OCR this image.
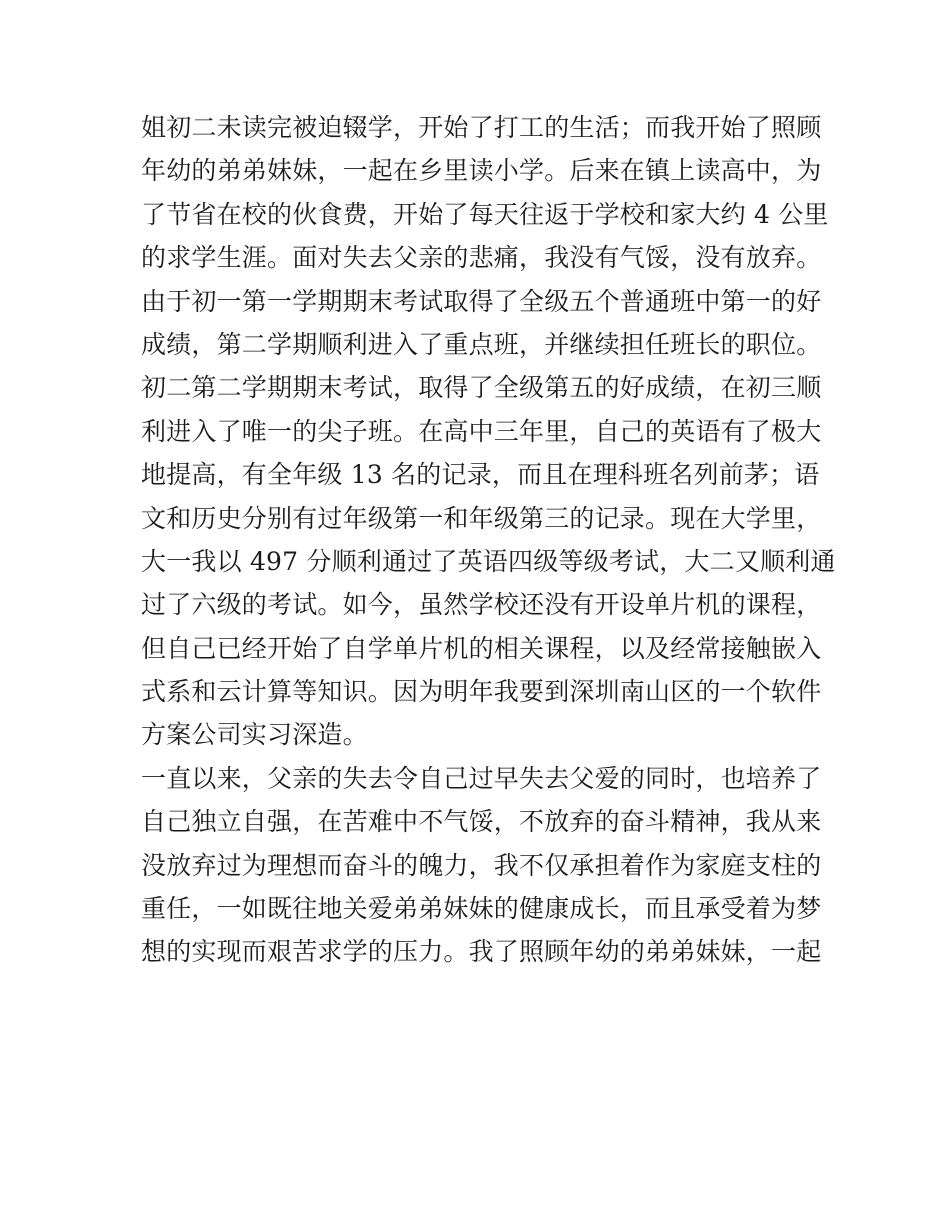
姐初二未读完被迫辍学，开始了打工的生活；而我开始了照顾
年幼的弟弟妹妹，一起在乡里读小学。后来在镇上读高中，为
了节省在校的伙食费，开始了每天往返于学校和家大约 4 公里
的求学生涯。面对失去父亲的悲痛，我没有气馁，没有放弃。
由于初一第一学期期末考试取得了全级五个普通班中第一的好
成绩，第二学期顺利进入了重点班，并继续担任班长的职位。
初二第二学期期末考试，取得了全级第五的好成绩，在初三顺
利进入了唯一的尖子班。在高中三年里，自己的英语有了极大
地提高，有全年级 13 名的记录，而且在理科班名列前茅；语
文和历史分别有过年级第一和年级第三的记录。现在大学里，
大一我以 497 分顺利通过了英语四级等级考试，大二又顺利通
过了六级的考试。如今，虽然学校还没有开设单片机的课程，
但自己已经开始了自学单片机的相关课程，以及经常接触嵌入
式系和云计算等知识。因为明年我要到深圳南山区的一个软件
方案公司实习深造。
一直以来，父亲的失去令自己过早失去父爱的同时，也培养了
自己独立自强，在苦难中不气馁，不放弃的奋斗精神，我从来
没放弃过为理想而奋斗的魄力，我不仅承担着作为家庭支柱的
重任，一如既往地关爱弟弟妹妹的健康成长，而且承受着为梦
想的实现而艰苦求学的压力。我了照顾年幼的弟弟妹妹，一起
